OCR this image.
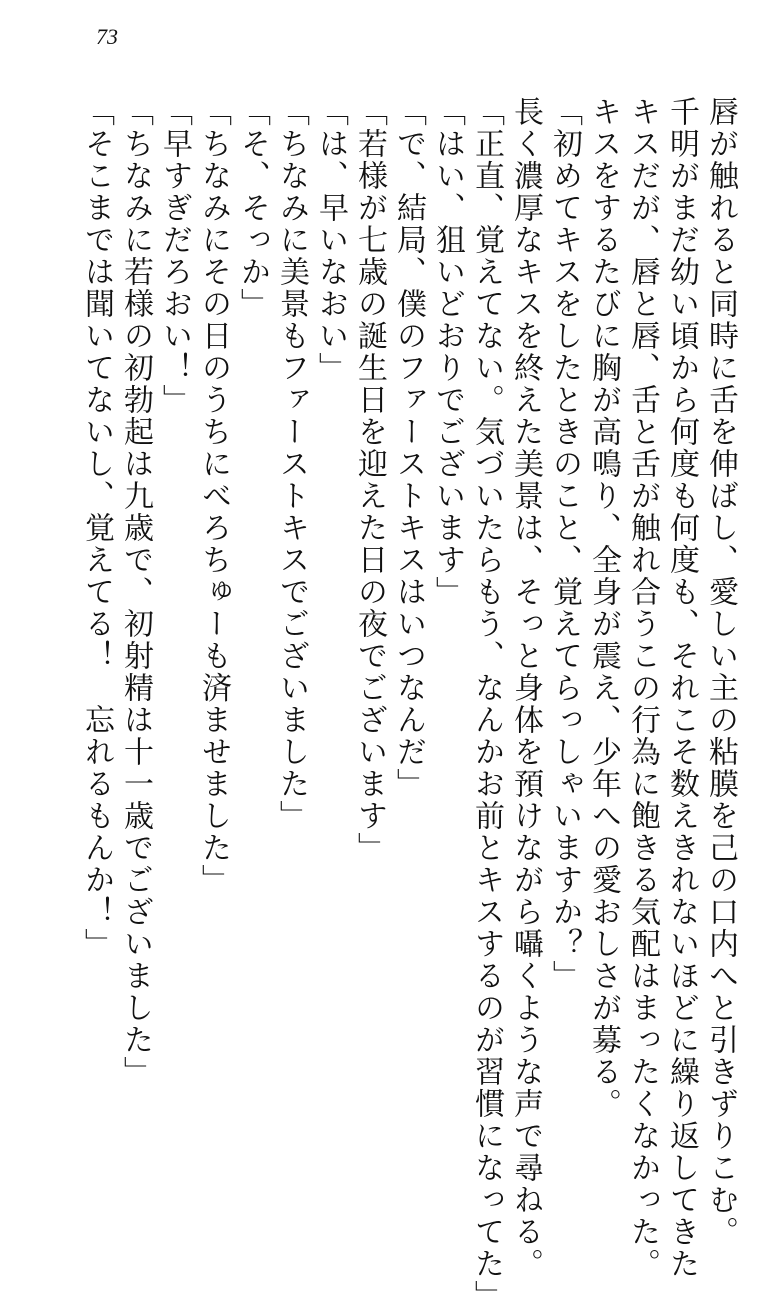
73
唇が触れると同時に舌を伸ばし、愛しい主の粘膜を己の口内へと引きずりこむ。
千明がまだ幼い頃から何度も何度も、それこそ数えきれないほどに繰り返してきた
キスだが、唇と唇、舌と舌が触れ合うこの行為に飽きる気配はまったくなかった。
キスをするたびに胸が高鳴り、全身が震え、少年への愛おしさが募る。
「初めてキスをしたときのこと、覚えてらっしゃいますか？」
長く濃厚なキスを終えた美景は、そっと身体を預けながら囁くような声で尋ねる。
「正直、覚えてない。気づいたらもう、なんかお前とキスするのが習慣になってた」
「はい、狙いどおりでございます」
「で、結局、僕のファーストキスはいつなんだ」
「若様が七歳の誕生日を迎えた日の夜でございます」
「は、早いなおい」
「ちなみに美景もファーストキスでございました」
「そ、そっか」
「ちなみにその日のうちにべろちゅーも済ませました」
「早すぎだろおい！」
「ちなみに若様の初勃起は九歳で、初射精は十一歳でございました」
「そこまでは聞いてないし、覚えてる！　忘れるもんか！」
